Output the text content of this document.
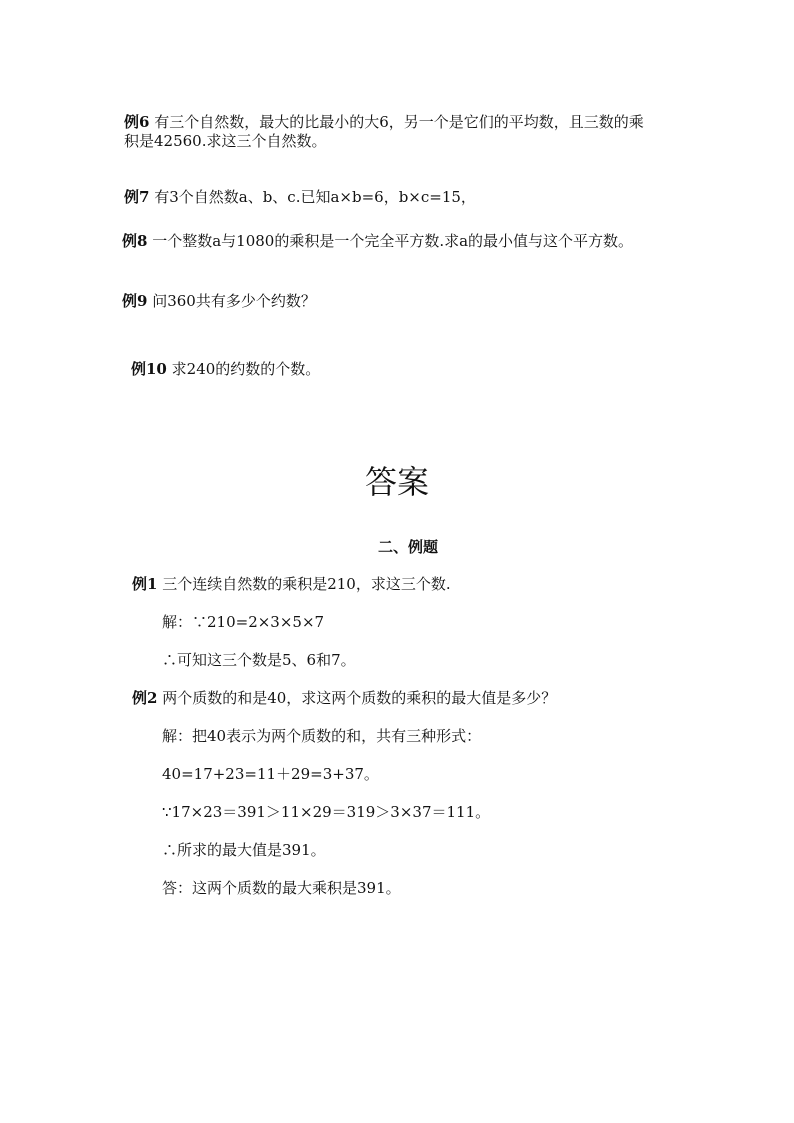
例6 有三个自然数，最大的比最小的大6，另一个是它们的平均数，且三数的乘
积是42560.求这三个自然数。
例7 有3个自然数a、b、c.已知a×b=6，b×c=15，
例8 一个整数a与1080的乘积是一个完全平方数.求a的最小值与这个平方数。
例9 问360共有多少个约数？
例10 求240的约数的个数。
答案
二、例题
例1 三个连续自然数的乘积是210，求这三个数.
解：∵210=2×3×5×7
∴可知这三个数是5、6和7。
例2 两个质数的和是40，求这两个质数的乘积的最大值是多少？
解：把40表示为两个质数的和，共有三种形式：
40=17+23=11＋29=3+37。
∵17×23＝391＞11×29＝319＞3×37＝111。
∴所求的最大值是391。
答：这两个质数的最大乘积是391。
